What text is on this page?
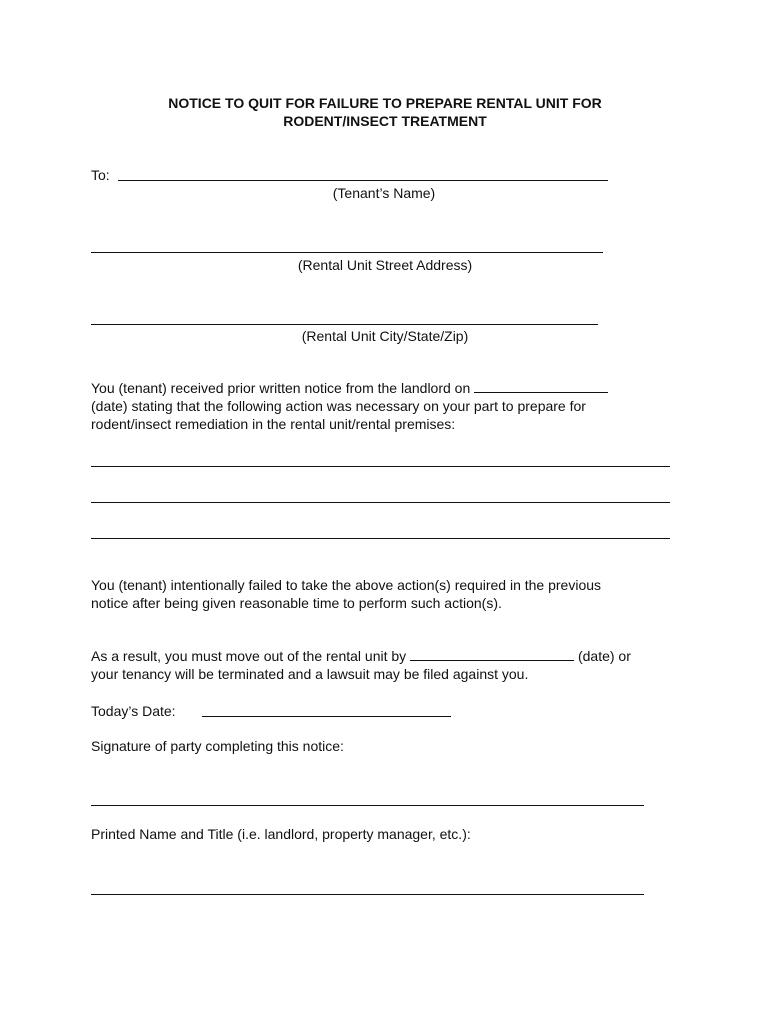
NOTICE TO QUIT FOR FAILURE TO PREPARE RENTAL UNIT FOR
RODENT/INSECT TREATMENT
To:
(Tenant’s Name)
(Rental Unit Street Address)
(Rental Unit City/State/Zip)

You (tenant) received prior written notice from the landlord on

(date) stating that the following action was necessary on your part to prepare for

rodent/insect remediation in the rental unit/rental premises:

You (tenant) intentionally failed to take the above action(s) required in the previous

notice after being given reasonable time to perform such action(s).

As a result, you must move out of the rental unit by	(date) or

your tenancy will be terminated and a lawsuit may be filed against you.

Today’s Date:
Signature of party completing this notice:
Printed Name and Title (i.e. landlord, property manager, etc.):
